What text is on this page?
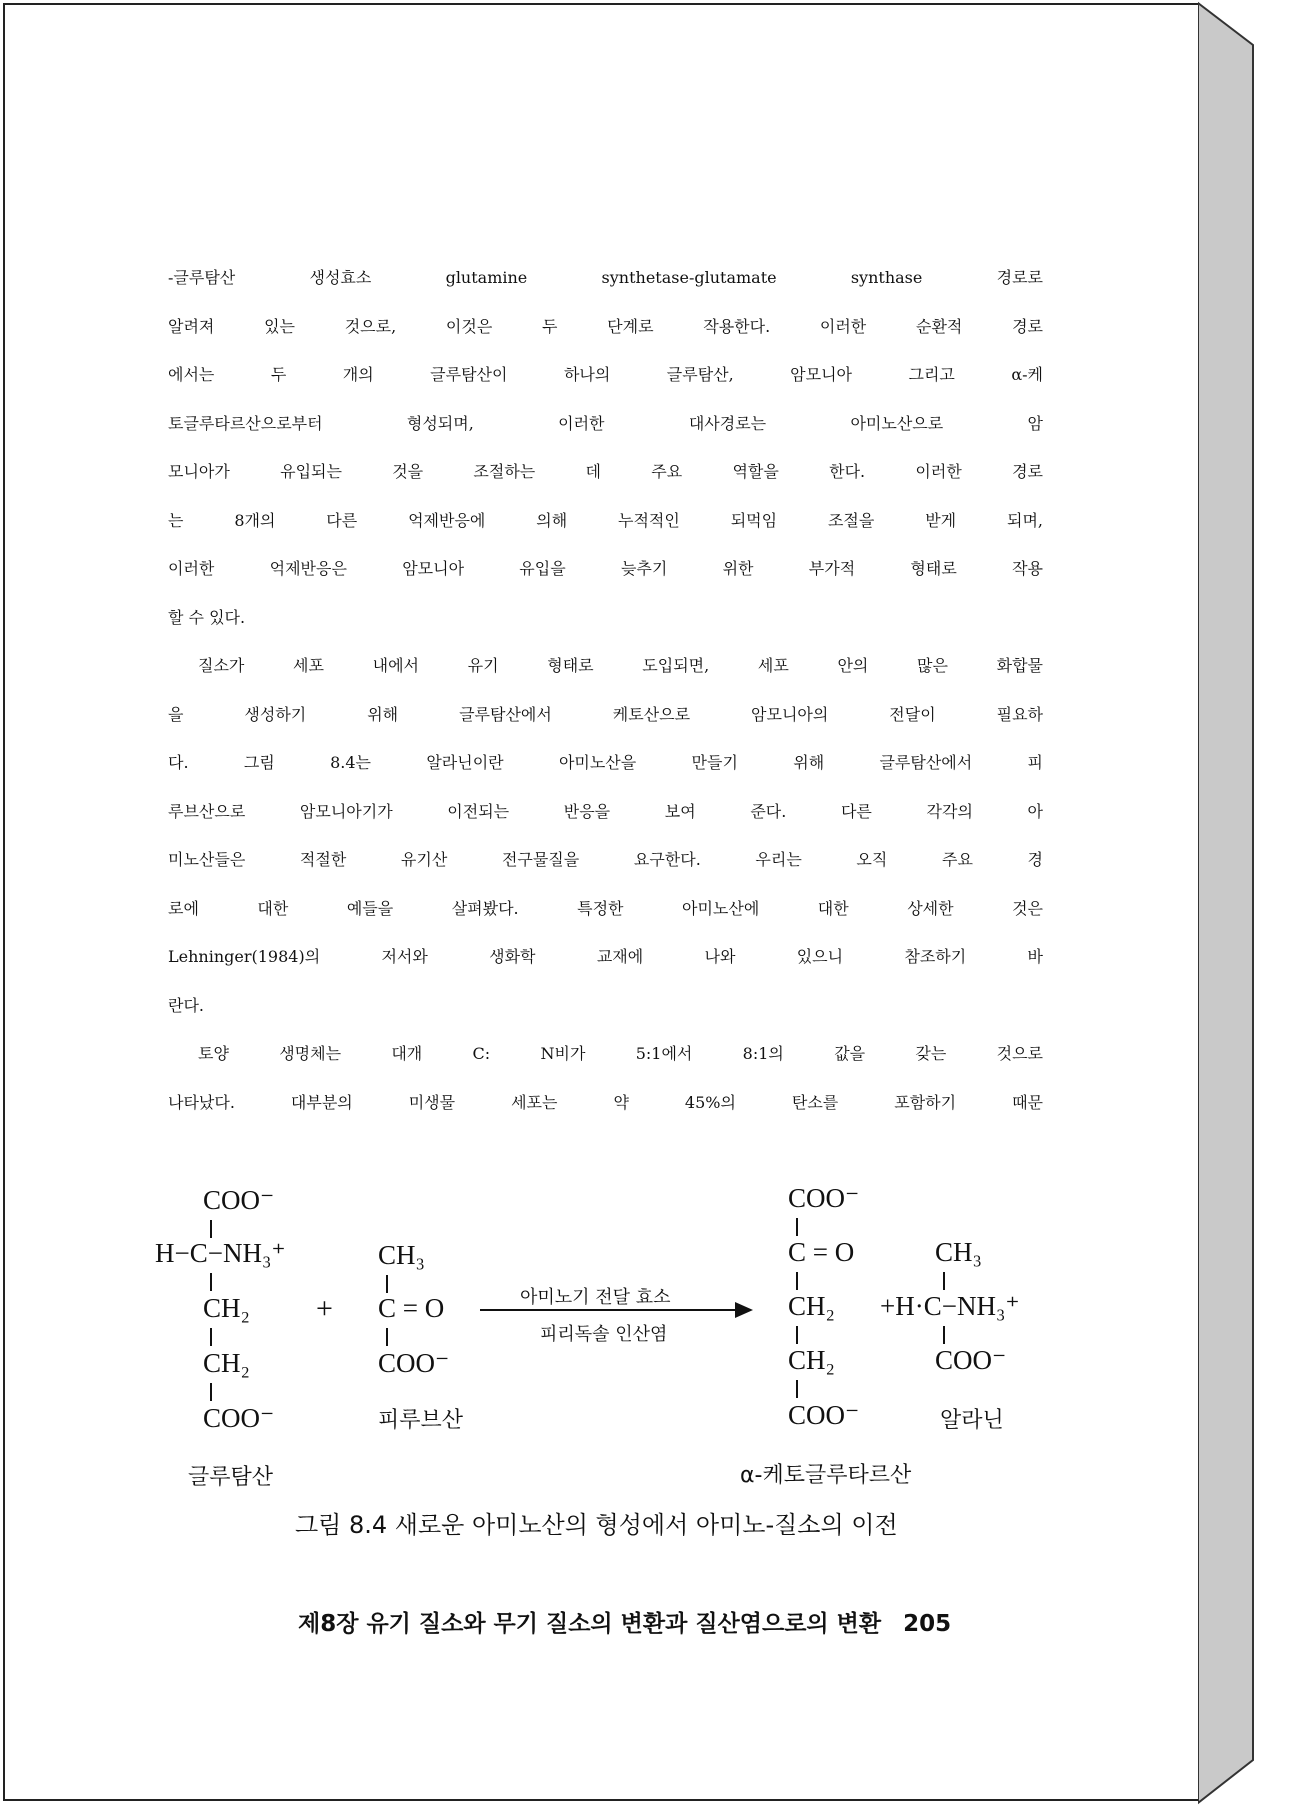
-글루탐산 생성효소 glutamine synthetase-glutamate synthase 경로로
알려져 있는 것으로, 이것은 두 단계로 작용한다. 이러한 순환적 경로
에서는 두 개의 글루탐산이 하나의 글루탐산, 암모니아 그리고 α-케
토글루타르산으로부터 형성되며, 이러한 대사경로는 아미노산으로 암
모니아가 유입되는 것을 조절하는 데 주요 역할을 한다. 이러한 경로
는 8개의 다른 억제반응에 의해 누적적인 되먹임 조절을 받게 되며,
이러한 억제반응은 암모니아 유입을 늦추기 위한 부가적 형태로 작용
할 수 있다.
질소가 세포 내에서 유기 형태로 도입되면, 세포 안의 많은 화합물
을 생성하기 위해 글루탐산에서 케토산으로 암모니아의 전달이 필요하
다. 그림 8.4는 알라닌이란 아미노산을 만들기 위해 글루탐산에서 피
루브산으로 암모니아기가 이전되는 반응을 보여 준다. 다른 각각의 아
미노산들은 적절한 유기산 전구물질을 요구한다. 우리는 오직 주요 경
로에 대한 예들을 살펴봤다. 특정한 아미노산에 대한 상세한 것은
Lehninger(1984)의 저서와 생화학 교재에 나와 있으니 참조하기 바
란다.
토양 생명체는 대개 C: N비가 5:1에서 8:1의 값을 갖는 것으로
나타났다. 대부분의 미생물 세포는 약 45%의 탄소를 포함하기 때문
COO⁻
H−C−NH₃⁺
CH₂
CH₂
COO⁻
글루탐산
+
CH₃
C = O
COO⁻
피루브산
아미노기 전달 효소
피리독솔 인산염
COO⁻
C = O
CH₂
CH₂
COO⁻
α-케토글루타르산
CH₃
+H·C−NH₃⁺
COO⁻
알라닌
그림 8.4 새로운 아미노산의 형성에서 아미노-질소의 이전
제8장 유기 질소와 무기 질소의 변환과 질산염으로의 변환 205
